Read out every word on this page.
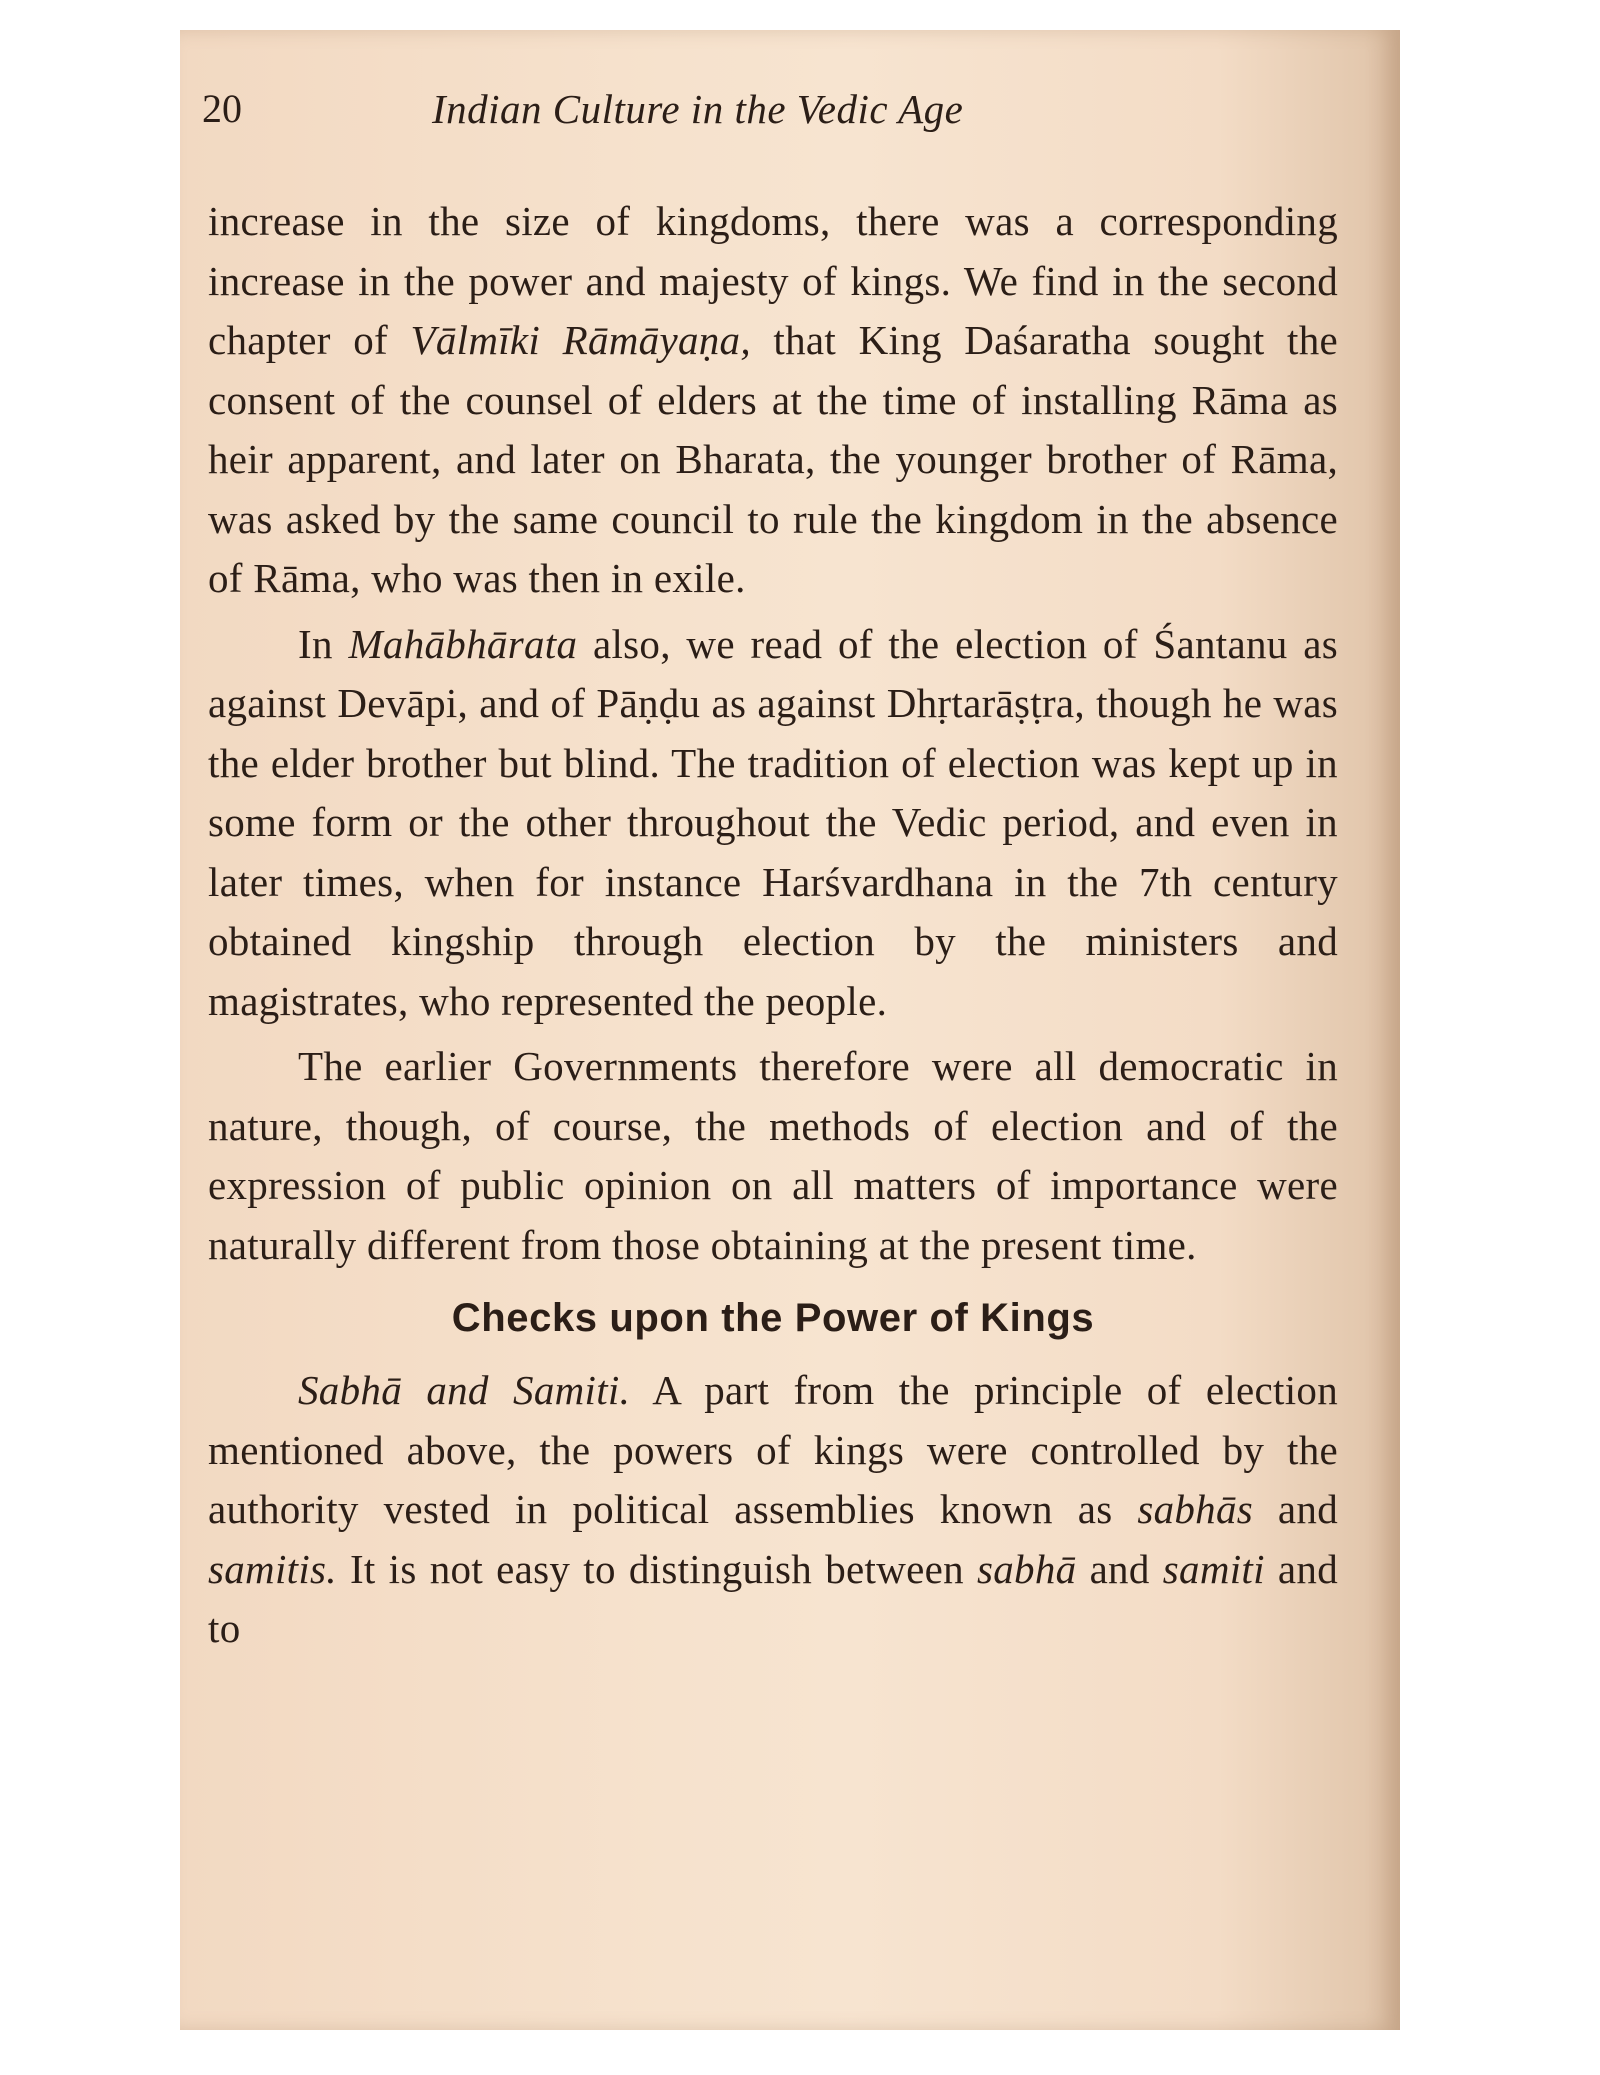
20	Indian Culture in the Vedic Age

increase in the size of kingdoms, there was a corresponding increase in the power and majesty of kings. We find in the second chapter of Vālmīki Rāmāyaṇa, that King Daśaratha sought the consent of the counsel of elders at the time of installing Rāma as heir apparent, and later on Bharata, the younger brother of Rāma, was asked by the same council to rule the kingdom in the absence of Rāma, who was then in exile.

In Mahābhārata also, we read of the election of Śantanu as against Devāpi, and of Pāṇḍu as against Dhṛtarāṣṭra, though he was the elder brother but blind. The tradition of election was kept up in some form or the other throughout the Vedic period, and even in later times, when for instance Harśvardhana in the 7th century obtained kingship through election by the ministers and magistrates, who represented the people.

The earlier Governments therefore were all democratic in nature, though, of course, the methods of election and of the expression of public opinion on all matters of importance were naturally different from those obtaining at the present time.

Checks upon the Power of Kings

Sabhā and Samiti. A part from the principle of election mentioned above, the powers of kings were controlled by the authority vested in political assemblies known as sabhās and samitis. It is not easy to distinguish between sabhā and samiti and to
